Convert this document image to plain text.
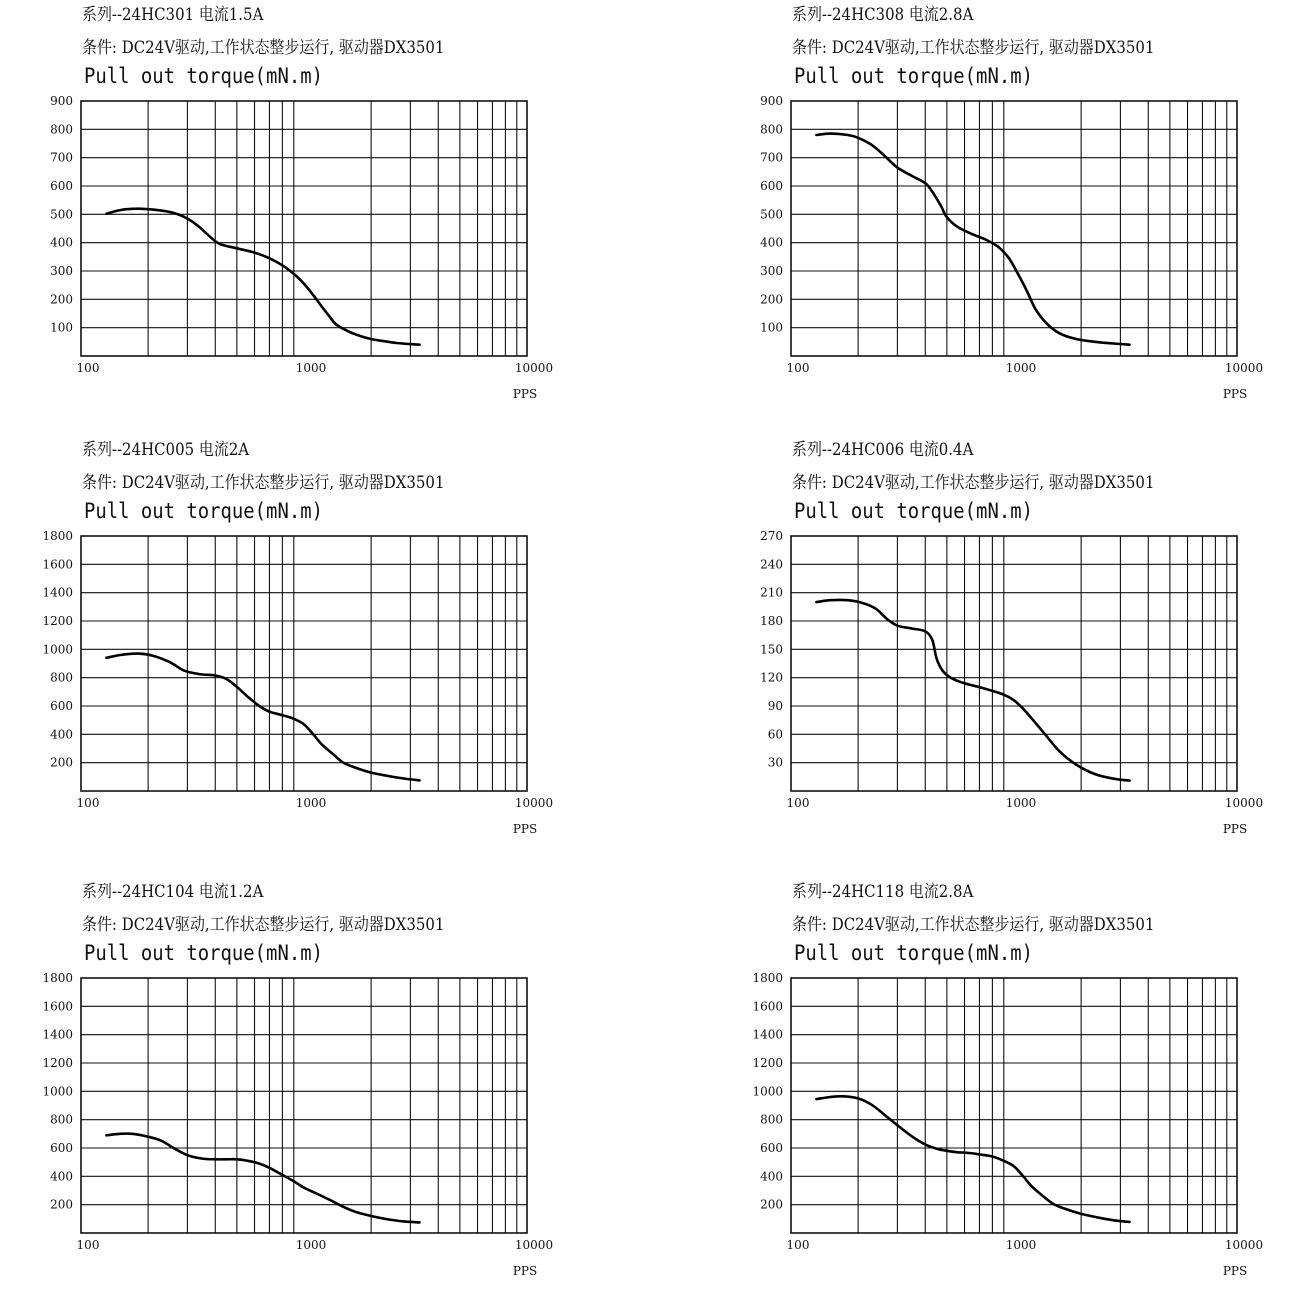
系列--24HC301 电流1.5A
条件: DC24V驱动,工作状态整步运行, 驱动器DX3501
Pull out torque(mN.m)
100
200
300
400
500
600
700
800
900
100	1000	10000
PPS
系列--24HC308 电流2.8A
条件: DC24V驱动,工作状态整步运行, 驱动器DX3501
Pull out torque(mN.m)
100
200
300
400
500
600
700
800
900
100	1000	10000
PPS
系列--24HC005 电流2A
条件: DC24V驱动,工作状态整步运行, 驱动器DX3501
Pull out torque(mN.m)
200
400
600
800
1000
1200
1400
1600
1800
100	1000	10000
PPS
系列--24HC006 电流0.4A
条件: DC24V驱动,工作状态整步运行, 驱动器DX3501
Pull out torque(mN.m)
30
60
90
120
150
180
210
240
270
100	1000	10000
PPS
系列--24HC104 电流1.2A
条件: DC24V驱动,工作状态整步运行, 驱动器DX3501
Pull out torque(mN.m)
200
400
600
800
1000
1200
1400
1600
1800
100	1000	10000
PPS
系列--24HC118 电流2.8A
条件: DC24V驱动,工作状态整步运行, 驱动器DX3501
Pull out torque(mN.m)
200
400
600
800
1000
1200
1400
1600
1800
100	1000	10000
PPS
